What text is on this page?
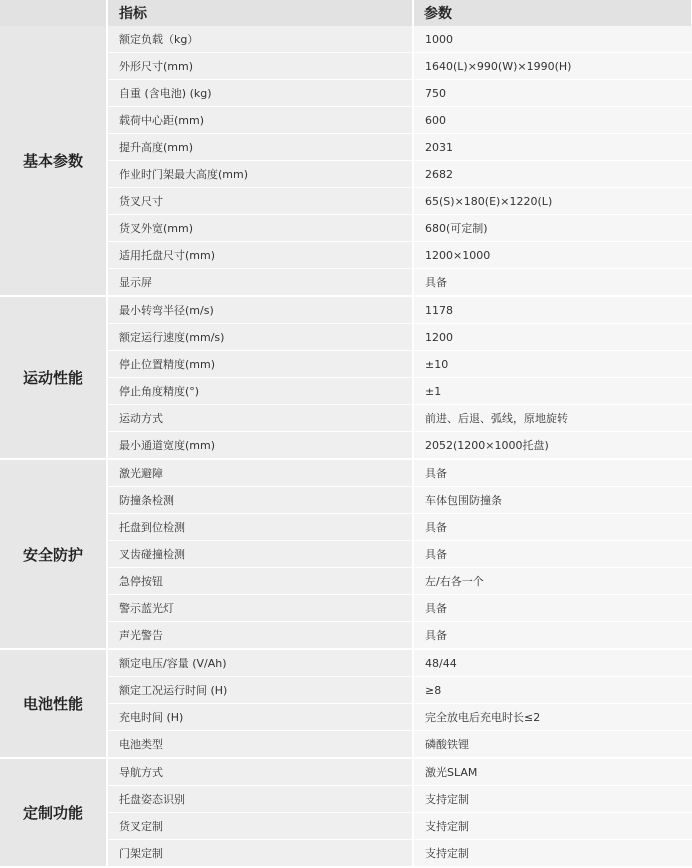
	指标	参数
基本参数	额定负载（kg）	1000
	外形尺寸(mm)	1640(L)×990(W)×1990(H)
	自重 (含电池) (kg)	750
	载荷中心距(mm)	600
	提升高度(mm)	2031
	作业时门架最大高度(mm)	2682
	货叉尺寸	65(S)×180(E)×1220(L)
	货叉外宽(mm)	680(可定制)
	适用托盘尺寸(mm)	1200×1000
	显示屏	具备
运动性能	最小转弯半径(m/s)	1178
	额定运行速度(mm/s)	1200
	停止位置精度(mm)	±10
	停止角度精度(°)	±1
	运动方式	前进、后退、弧线，原地旋转
	最小通道宽度(mm)	2052(1200×1000托盘)
安全防护	激光避障	具备
	防撞条检测	车体包围防撞条
	托盘到位检测	具备
	叉齿碰撞检测	具备
	急停按钮	左/右各一个
	警示蓝光灯	具备
	声光警告	具备
电池性能	额定电压/容量 (V/Ah)	48/44
	额定工况运行时间 (H)	≥8
	充电时间 (H)	完全放电后充电时长≤2
	电池类型	磷酸铁锂
定制功能	导航方式	激光SLAM
	托盘姿态识别	支持定制
	货叉定制	支持定制
	门架定制	支持定制
